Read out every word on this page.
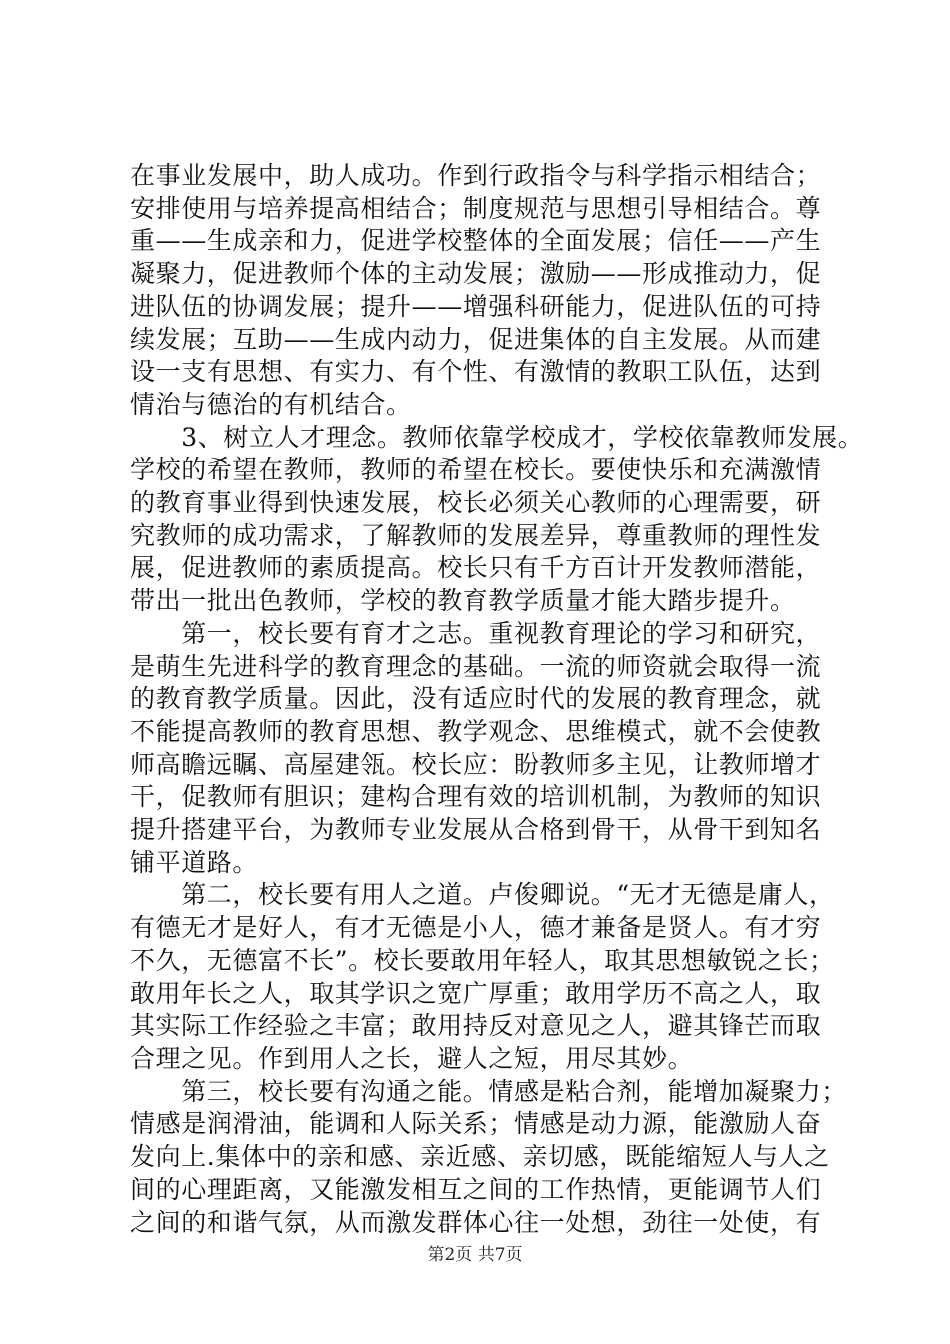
在事业发展中，助人成功。作到行政指令与科学指示相结合；
安排使用与培养提高相结合；制度规范与思想引导相结合。尊
重——生成亲和力，促进学校整体的全面发展；信任——产生
凝聚力，促进教师个体的主动发展；激励——形成推动力，促
进队伍的协调发展；提升——增强科研能力，促进队伍的可持
续发展；互助——生成内动力，促进集体的自主发展。从而建
设一支有思想、有实力、有个性、有激情的教职工队伍，达到
情治与德治的有机结合。
　　3、树立人才理念。教师依靠学校成才，学校依靠教师发展。
学校的希望在教师，教师的希望在校长。要使快乐和充满激情
的教育事业得到快速发展，校长必须关心教师的心理需要，研
究教师的成功需求，了解教师的发展差异，尊重教师的理性发
展，促进教师的素质提高。校长只有千方百计开发教师潜能，
带出一批出色教师，学校的教育教学质量才能大踏步提升。
　　第一，校长要有育才之志。重视教育理论的学习和研究，
是萌生先进科学的教育理念的基础。一流的师资就会取得一流
的教育教学质量。因此，没有适应时代的发展的教育理念，就
不能提高教师的教育思想、教学观念、思维模式，就不会使教
师高瞻远瞩、高屋建瓴。校长应：盼教师多主见，让教师增才
干，促教师有胆识；建构合理有效的培训机制，为教师的知识
提升搭建平台，为教师专业发展从合格到骨干，从骨干到知名
铺平道路。
　　第二，校长要有用人之道。卢俊卿说。“无才无德是庸人，
有德无才是好人，有才无德是小人，德才兼备是贤人。有才穷
不久，无德富不长”。校长要敢用年轻人，取其思想敏锐之长；
敢用年长之人，取其学识之宽广厚重；敢用学历不高之人，取
其实际工作经验之丰富；敢用持反对意见之人，避其锋芒而取
合理之见。作到用人之长，避人之短，用尽其妙。
　　第三，校长要有沟通之能。情感是粘合剂，能增加凝聚力；
情感是润滑油，能调和人际关系；情感是动力源，能激励人奋
发向上.集体中的亲和感、亲近感、亲切感，既能缩短人与人之
间的心理距离，又能激发相互之间的工作热情，更能调节人们
之间的和谐气氛，从而激发群体心往一处想，劲往一处使，有
第2页 共7页
